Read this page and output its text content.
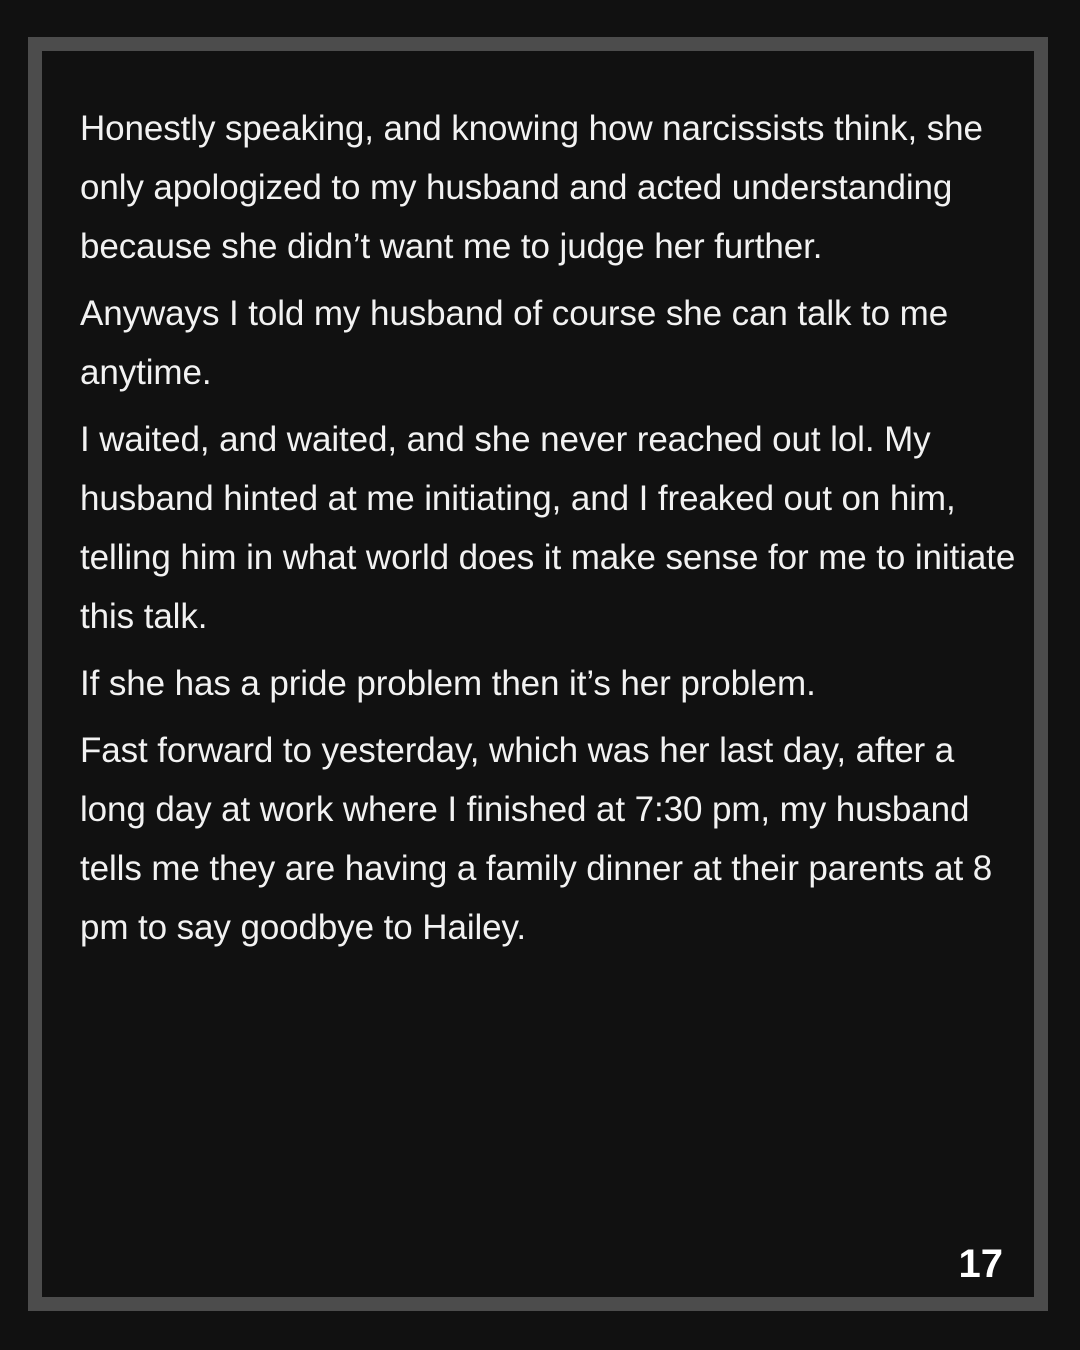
Honestly speaking, and knowing how narcissists think, she only apologized to my husband and acted understanding because she didn’t want me to judge her further.

Anyways I told my husband of course she can talk to me anytime.

I waited, and waited, and she never reached out lol. My husband hinted at me initiating, and I freaked out on him, telling him in what world does it make sense for me to initiate this talk.

If she has a pride problem then it’s her problem.

Fast forward to yesterday, which was her last day, after a long day at work where I finished at 7:30 pm, my husband tells me they are having a family dinner at their parents at 8 pm to say goodbye to Hailey.

17
